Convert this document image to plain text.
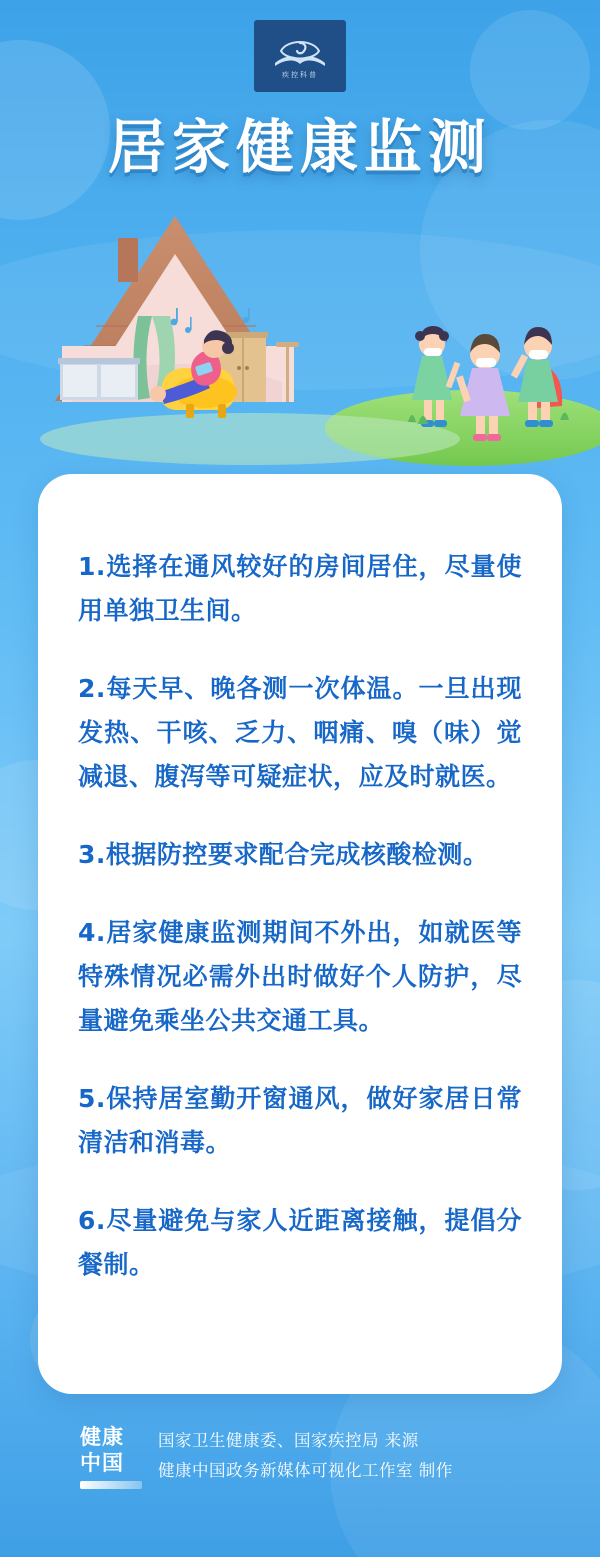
疾控科普
居家健康监测

1.选择在通风较好的房间居住，尽量使用单独卫生间。

2.每天早、晚各测一次体温。一旦出现发热、干咳、乏力、咽痛、嗅（味）觉减退、腹泻等可疑症状，应及时就医。

3.根据防控要求配合完成核酸检测。

4.居家健康监测期间不外出，如就医等特殊情况必需外出时做好个人防护，尽量避免乘坐公共交通工具。

5.保持居室勤开窗通风，做好家居日常清洁和消毒。

6.尽量避免与家人近距离接触，提倡分餐制。

健康
中国
国家卫生健康委、国家疾控局 来源
健康中国政务新媒体可视化工作室 制作
